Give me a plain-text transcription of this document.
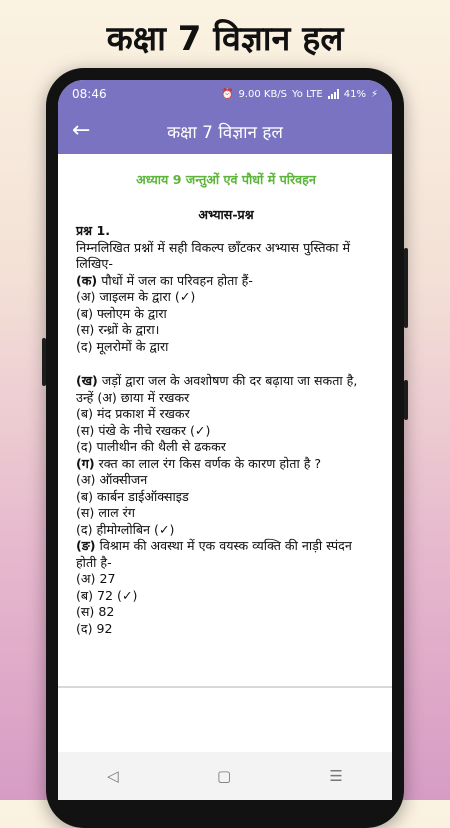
कक्षा 7 विज्ञान हल
08:46	⏰ 9.00 KB/S Yo LTE 41% ⚡
←	कक्षा 7 विज्ञान हल

अध्याय 9 जन्तुओं एवं पौधों में परिवहन

अभ्यास-प्रश्न

प्रश्न 1.

निम्नलिखित प्रश्नों में सही विकल्प छाँटकर अभ्यास पुस्तिका में लिखिए-

(क) पौधों में जल का परिवहन होता हैं-

(अ) जाइलम के द्वारा (✓)

(ब) फ्लोएम के द्वारा

(स) रन्ध्रों के द्वारा।

(द) मूलरोमों के द्वारा

(ख) जड़ों द्वारा जल के अवशोषण की दर बढ़ाया जा सकता है, उन्हें (अ) छाया में रखकर

(ब) मंद प्रकाश में रखकर

(स) पंखे के नीचे रखकर (✓)

(द) पालीथीन की थैली से ढककर

(ग) रक्त का लाल रंग किस वर्णक के कारण होता है ?

(अ) ऑक्सीजन

(ब) कार्बन डाईऑक्साइड

(स) लाल रंग

(द) हीमोग्लोबिन (✓)

(ङ) विश्राम की अवस्था में एक वयस्क व्यक्ति की नाड़ी स्पंदन होती है-

(अ) 27

(ब) 72 (✓)

(स) 82

(द) 92

◁	▢	☰
